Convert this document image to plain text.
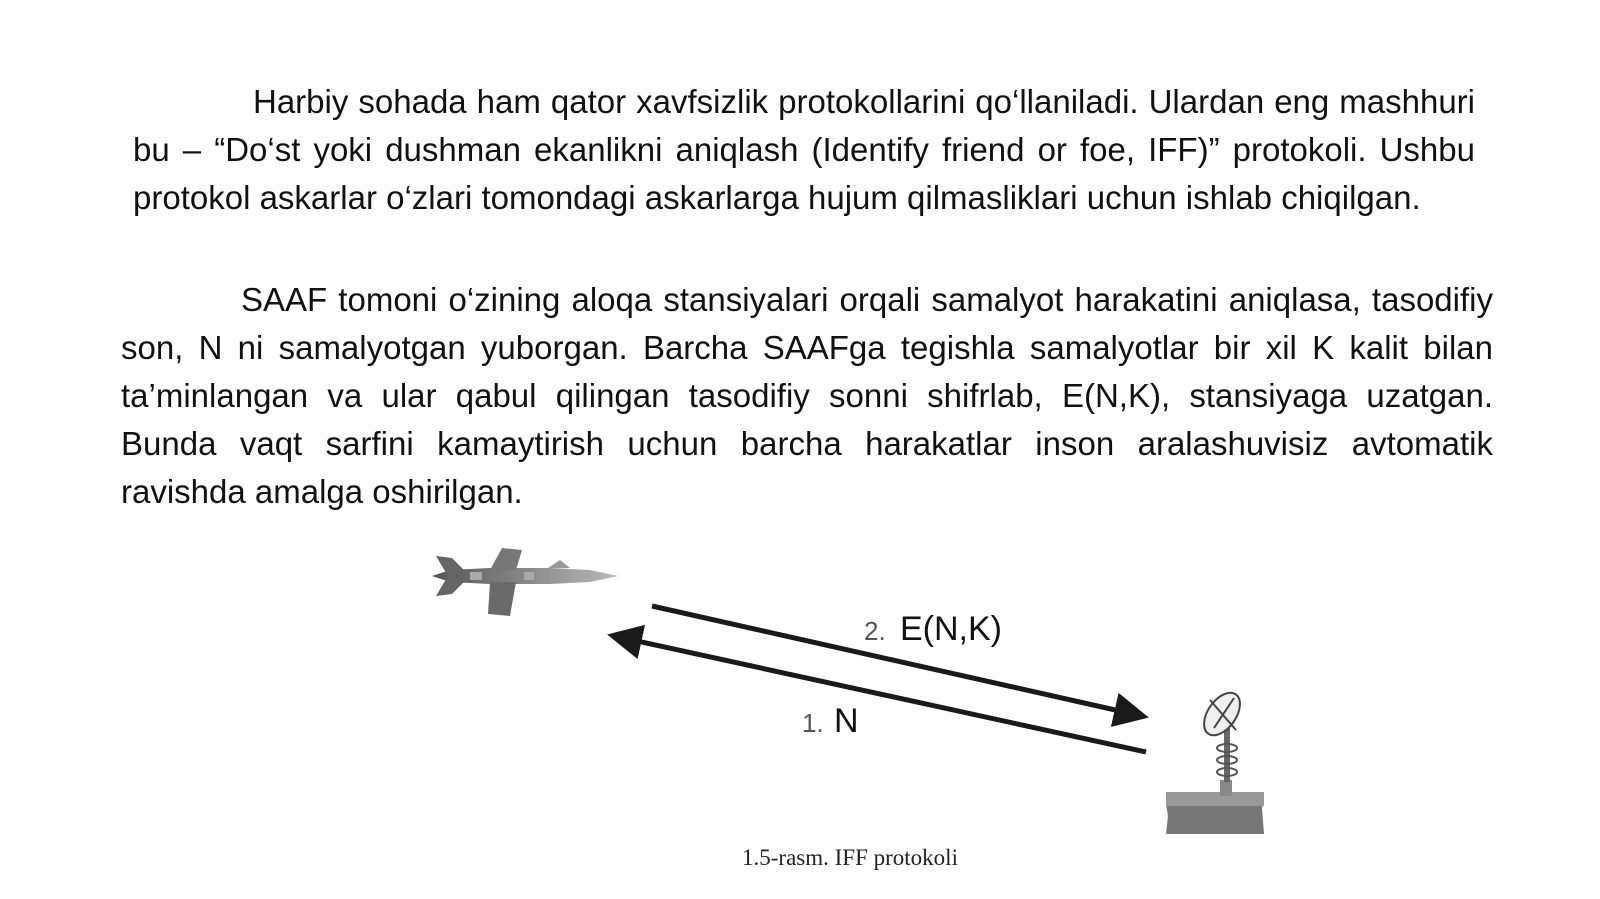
Harbiy sohada ham qator xavfsizlik protokollarini qo‘llaniladi. Ulardan eng mashhuri bu – “Do‘st yoki dushman ekanlikni aniqlash (Identify friend or foe, IFF)” protokoli. Ushbu protokol askarlar o‘zlari tomondagi askarlarga hujum qilmasliklari uchun ishlab chiqilgan.

SAAF tomoni o‘zining aloqa stansiyalari orqali samalyot harakatini aniqlasa, tasodifiy son, N ni samalyotgan yuborgan. Barcha SAAFga tegishla samalyotlar bir xil K kalit bilan ta’minlangan va ular qabul qilingan tasodifiy sonni shifrlab, E(N,K), stansiyaga uzatgan. Bunda vaqt sarfini kamaytirish uchun barcha harakatlar inson aralashuvisiz avtomatik ravishda amalga oshirilgan.

2. E(N,K)
1. N
1.5-rasm. IFF protokoli
